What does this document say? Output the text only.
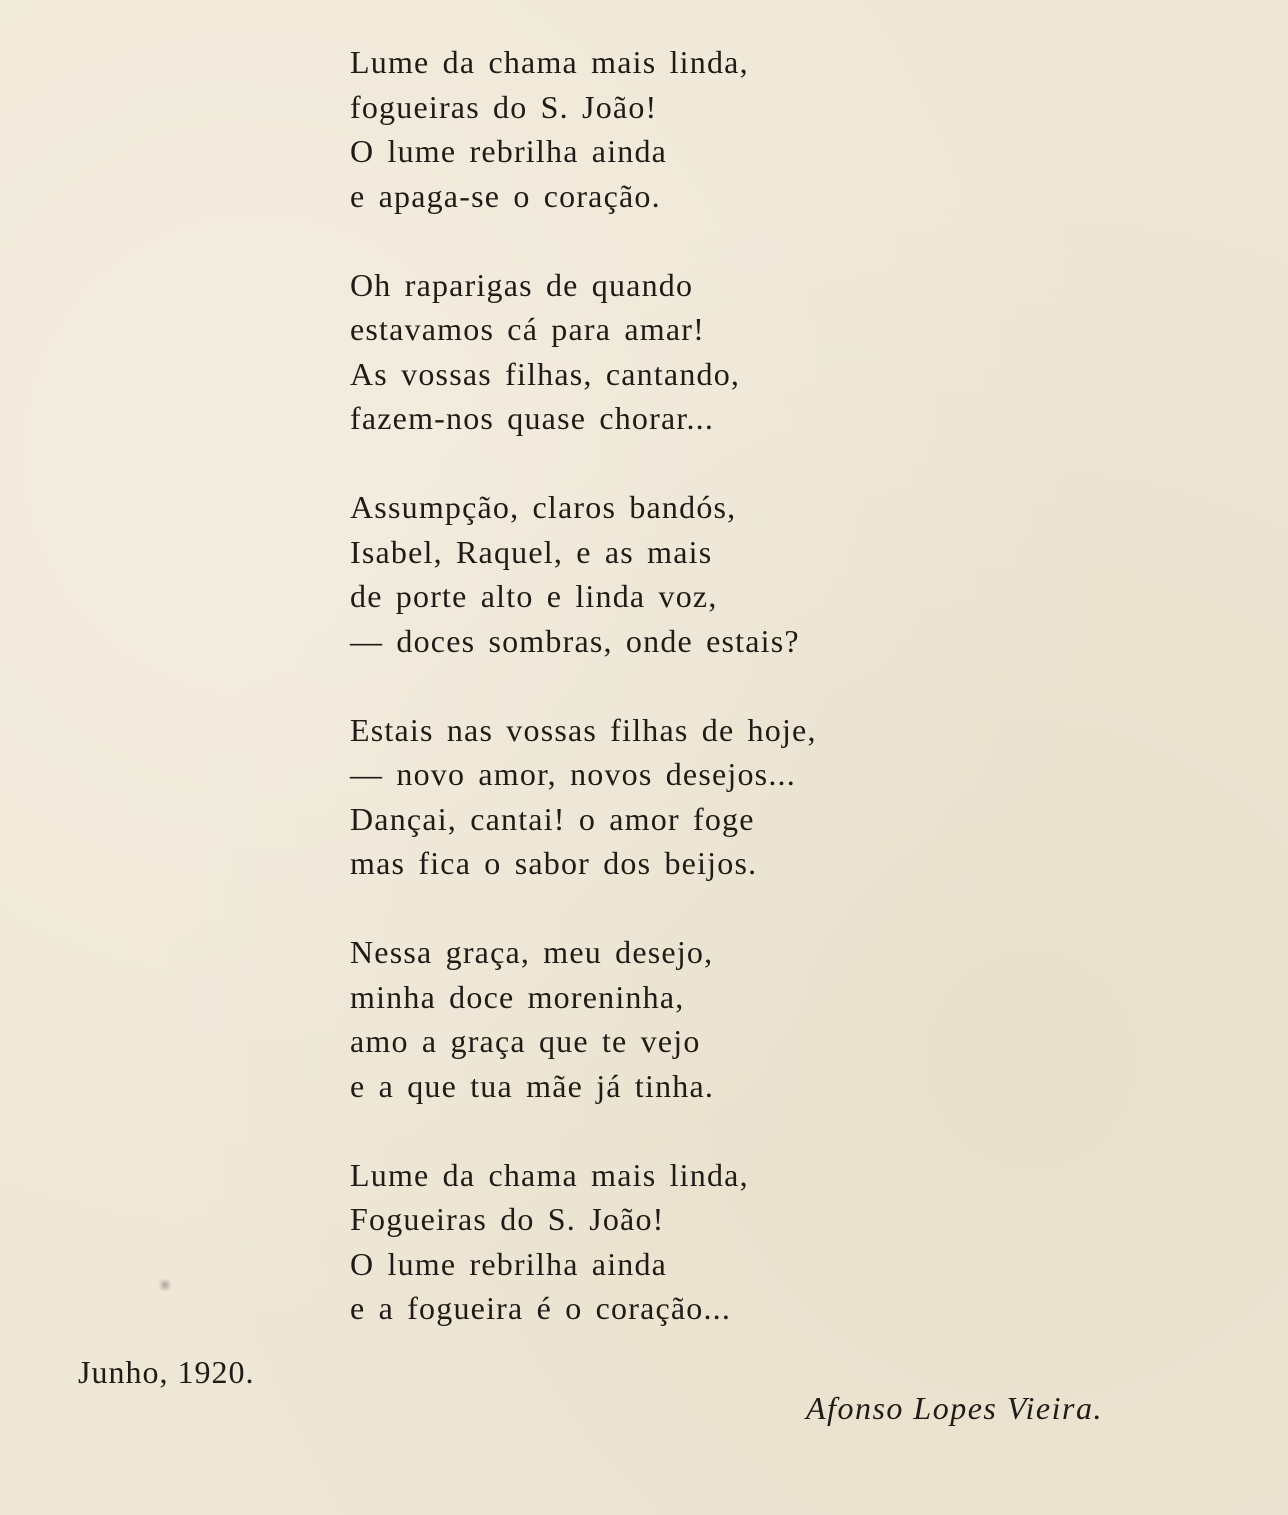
Lume da chama mais linda,
fogueiras do S. João!
O lume rebrilha ainda
e apaga-se o coração.
Oh raparigas de quando
estavamos cá para amar!
As vossas filhas, cantando,
fazem-nos quase chorar...
Assumpção, claros bandós,
Isabel, Raquel, e as mais
de porte alto e linda voz,
— doces sombras, onde estais?
Estais nas vossas filhas de hoje,
— novo amor, novos desejos...
Dançai, cantai! o amor foge
mas fica o sabor dos beijos.
Nessa graça, meu desejo,
minha doce moreninha,
amo a graça que te vejo
e a que tua mãe já tinha.
Lume da chama mais linda,
Fogueiras do S. João!
O lume rebrilha ainda
e a fogueira é o coração...
Junho, 1920.
Afonso Lopes Vieira.
